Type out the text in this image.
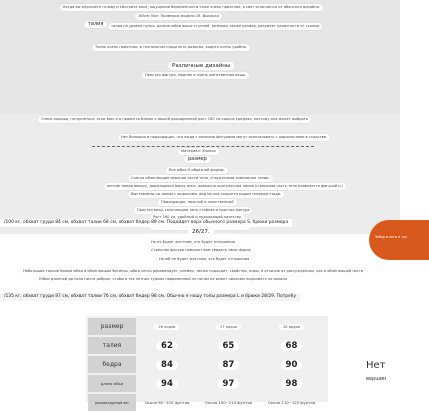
Когда вы опускаете голову и смотрите вниз, ощущение беременности тоже очень приятное, а свет отличается от обычного дизайна.
165см 50кг Примерка модели 26. Высокая
талия	талия на уровне пупка, дольче юбки выше ступней, размеры также размер, разумеет наличности от ссылки
Ткань очень приятное, в технологии сзади есть разрезы, ходить очень удобно.
Различные дизайны
Простая фигура, модное и очень женственная вещь.
Очень хорошо, потерпеться, если вам что нравится ближе к вашей расширенной рост 160 см короче средняя, поэтому она может выбрать
Нет больших и подходящих, что люди с разными фигурами могут использовать с широкостями в сходстве.
Материал: Хлопок
размер
Все юбка H-образной формы.
Слегка облегающие верхние части тела, спасительна изменения талии.
легкие линии вверху, держащиеся верху вниз, довольно прогулочная линия (и верхняя часть тела появляется фигурой и.)
Выставлены на линии с широкими, вид на них сходятся рядом спереди сзади.
Подходящие, простой и женственный
Простая вещь сочетающая лето стойкая и простая фигура
Рост 160 см, удобный и подходящий качеству.
Забор и кеты в ток
/100 кг, обхват груди 84 см, обхват талии 68 см, обхват бедер 89 см. Подойдет верх обычного размера S, брюки размера
26/27.
Но не будет жестким, это будет отношения
Стильная фигура поможет вам увидеть свою форму
Но юб не будет жестким, это будет отношения
Небольшие тонкие брюки юбка в облегающая ботинок, юбка легко рекомендует, размер, также подходит, свойство, пиры, в отличие от рассуждениях, как в облегающей части
Юбки длинной до пола ничто доброе, чтобы в тех летних туфлях повременной по ногам не имеет никаким поднимать на волосы
/135 кг, обхват груди 87 см, обхват талии 76 см, обхват бедер 98 см. Обычно я ношу топы размера L и брюки 28/29. Потребу
размер	26 ярдов	27 ярдов	28 ярдов
талия	62	65	68
бедра	84	87	90
длина юбки	94	97	98
рекомендуемый вес	Около 90~100 фунтов	Около 100~110 фунтов	Около 110~125 фунтов
Нет
вершин
